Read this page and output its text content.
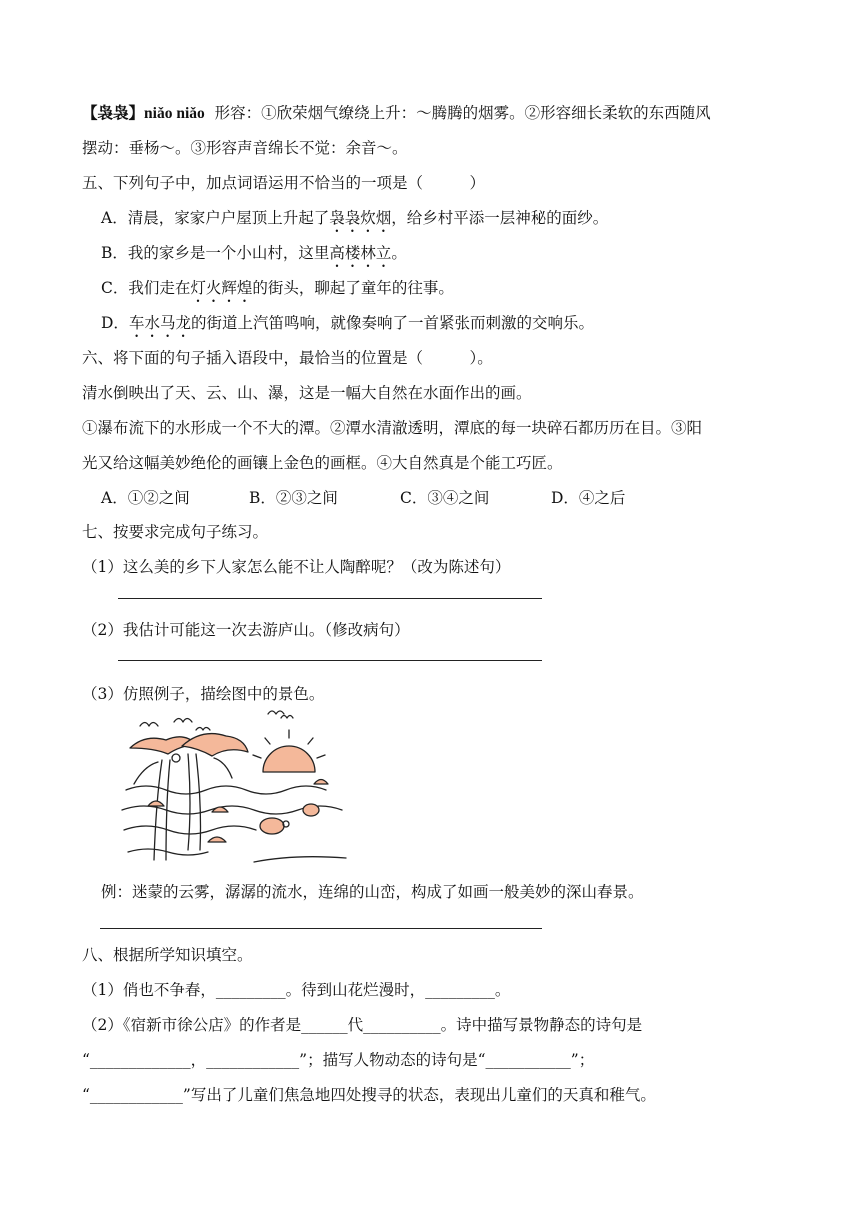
【袅袅】niǎo niǎo 形容：①欣荣烟气缭绕上升：～腾腾的烟雾。②形容细长柔软的东西随风
摆动：垂杨～。③形容声音绵长不觉：余音～。
五、下列句子中，加点词语运用不恰当的一项是（　　　）
A．清晨，家家户户屋顶上升起了袅袅炊烟，给乡村平添一层神秘的面纱。
B．我的家乡是一个小山村，这里高楼林立。
C．我们走在灯火辉煌的街头，聊起了童年的往事。
D．车水马龙的街道上汽笛鸣响，就像奏响了一首紧张而刺激的交响乐。
六、将下面的句子插入语段中，最恰当的位置是（　　　）。
清水倒映出了天、云、山、瀑，这是一幅大自然在水面作出的画。
①瀑布流下的水形成一个不大的潭。②潭水清澈透明，潭底的每一块碎石都历历在目。③阳
光又给这幅美妙绝伦的画镶上金色的画框。④大自然真是个能工巧匠。
A．①②之间	B．②③之间	C．③④之间	D．④之后
七、按要求完成句子练习。
（1）这么美的乡下人家怎么能不让人陶醉呢？（改为陈述句）
（2）我估计可能这一次去游庐山。（修改病句）
（3）仿照例子，描绘图中的景色。
例：迷蒙的云雾，潺潺的流水，连绵的山峦，构成了如画一般美妙的深山春景。
八、根据所学知识填空。
（1）俏也不争春，_________。待到山花烂漫时，_________。
（2）《宿新市徐公店》的作者是______代__________。诗中描写景物静态的诗句是
“_____________，____________”；描写人物动态的诗句是“___________”；
“____________”写出了儿童们焦急地四处搜寻的状态，表现出儿童们的天真和稚气。
